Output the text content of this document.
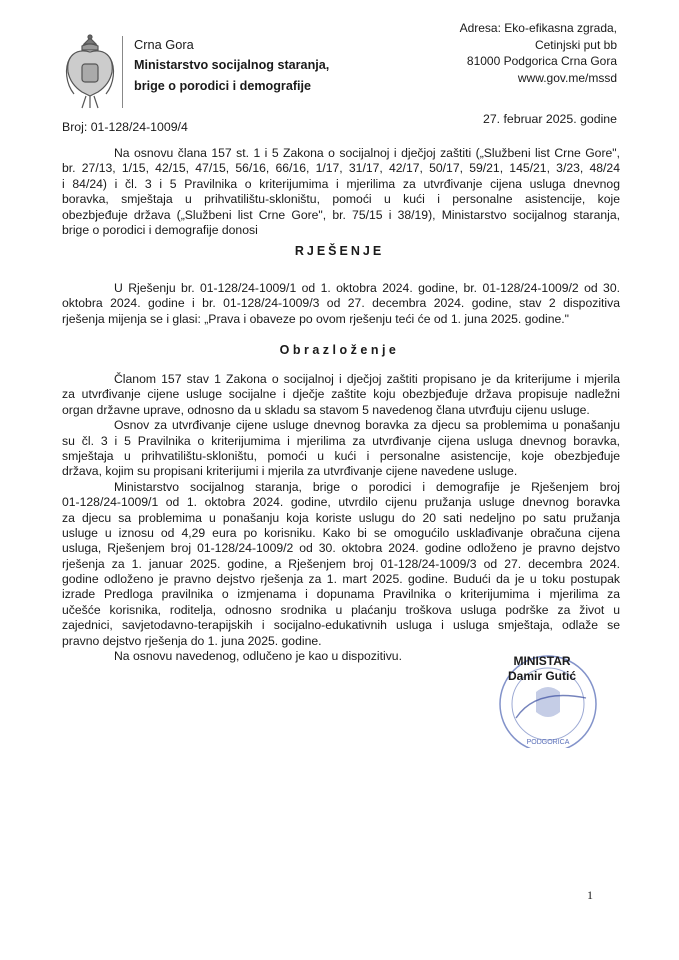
Crna Gora
Ministarstvo socijalnog staranja,
brige o porodici i demografije
Adresa: Eko-efikasna zgrada,
Cetinjski put bb
81000 Podgorica Crna Gora
www.gov.me/mssd
Broj: 01-128/24-1009/4
27. februar 2025. godine
Na osnovu člana 157 st. 1 i 5 Zakona o socijalnoj i dječjoj zaštiti („Službeni list Crne Gore",
br. 27/13, 1/15, 42/15, 47/15, 56/16, 66/16, 1/17, 31/17, 42/17, 50/17, 59/21, 145/21, 3/23, 48/24
i 84/24) i čl. 3 i 5 Pravilnika o kriterijumima i mjerilima za utvrđivanje cijena usluga dnevnog
boravka, smještaja u prihvatilištu-skloništu, pomoći u kući i personalne asistencije, koje
obezbjeđuje država („Službeni list Crne Gore", br. 75/15 i 38/19), Ministarstvo socijalnog staranja,
brige o porodici i demografije donosi
RJEŠENJE
U Rješenju br. 01-128/24-1009/1 od 1. oktobra 2024. godine, br. 01-128/24-1009/2 od 30.
oktobra 2024. godine i br. 01-128/24-1009/3 od 27. decembra 2024. godine, stav 2 dispozitiva
rješenja mijenja se i glasi: „Prava i obaveze po ovom rješenju teći će od 1. juna 2025. godine."
Obrazloženje
Članom 157 stav 1 Zakona o socijalnoj i dječjoj zaštiti propisano je da kriterijume i mjerila
za utvrđivanje cijene usluge socijalne i dječje zaštite koju obezbjeđuje država propisuje nadležni
organ državne uprave, odnosno da u skladu sa stavom 5 navedenog člana utvrđuju cijenu usluge.
Osnov za utvrđivanje cijene usluge dnevnog boravka za djecu sa problemima u ponašanju
su čl. 3 i 5 Pravilnika o kriterijumima i mjerilima za utvrđivanje cijena usluga dnevnog boravka,
smještaja u prihvatilištu-skloništu, pomoći u kući i personalne asistencije, koje obezbjeđuje
država, kojim su propisani kriterijumi i mjerila za utvrđivanje cijene navedene usluge.
Ministarstvo socijalnog staranja, brige o porodici i demografije je Rješenjem broj
01-128/24-1009/1 od 1. oktobra 2024. godine, utvrdilo cijenu pružanja usluge dnevnog boravka
za djecu sa problemima u ponašanju koja koriste uslugu do 20 sati nedeljno po satu pružanja
usluge u iznosu od 4,29 eura po korisniku. Kako bi se omogućilo usklađivanje obračuna cijena
usluga, Rješenjem broj 01-128/24-1009/2 od 30. oktobra 2024. godine odloženo je pravno dejstvo
rješenja za 1. januar 2025. godine, a Rješenjem broj 01-128/24-1009/3 od 27. decembra 2024.
godine odloženo je pravno dejstvo rješenja za 1. mart 2025. godine. Budući da je u toku postupak
izrade Predloga pravilnika o izmjenama i dopunama Pravilnika o kriterijumima i mjerilima za
učešće korisnika, roditelja, odnosno srodnika u plaćanju troškova usluga podrške za život u
zajednici, savjetodavno-terapijskih i socijalno-edukativnih usluga i usluga smještaja, odlaže se
pravno dejstvo rješenja do 1. juna 2025. godine.
Na osnovu navedenog, odlučeno je kao u dispozitivu.
PODGORICA
MINISTAR
Damir Gutić
1
